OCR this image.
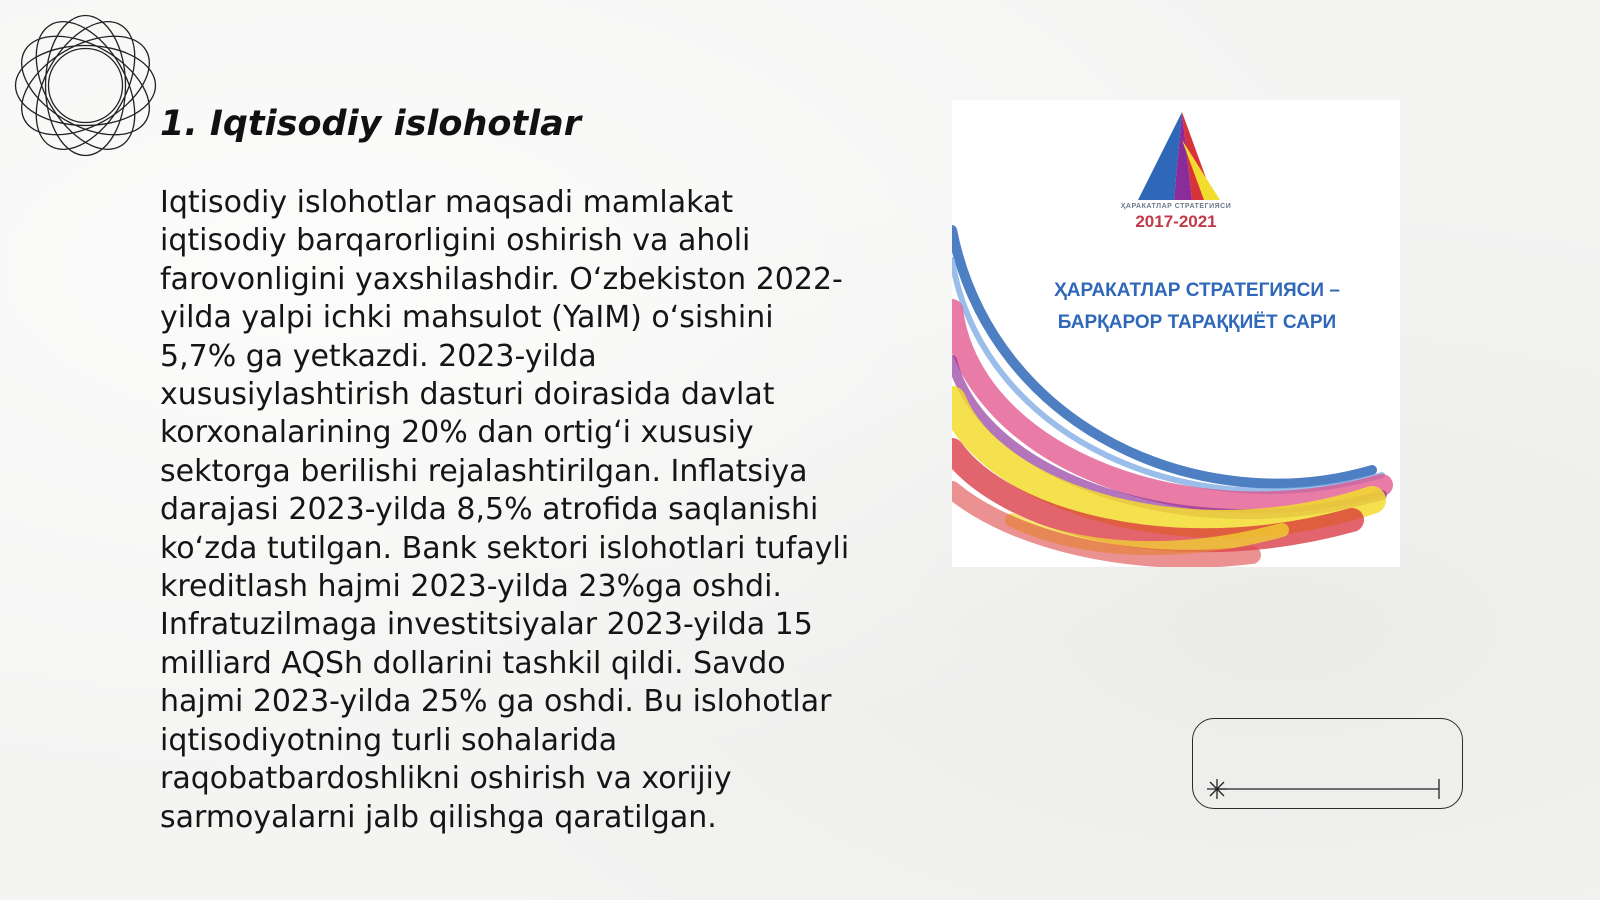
1. Iqtisodiy islohotlar

Iqtisodiy islohotlar maqsadi mamlakat iqtisodiy barqarorligini oshirish va aholi farovonligini yaxshilashdir. O‘zbekiston 2022-yilda yalpi ichki mahsulot (YaIM) o‘sishini 5,7% ga yetkazdi. 2023-yilda xususiylashtirish dasturi doirasida davlat korxonalarining 20% dan ortig‘i xususiy sektorga berilishi rejalashtirilgan. Inflatsiya darajasi 2023-yilda 8,5% atrofida saqlanishi ko‘zda tutilgan. Bank sektori islohotlari tufayli kreditlash hajmi 2023-yilda 23%ga oshdi. Infratuzilmaga investitsiyalar 2023-yilda 15 milliard AQSh dollarini tashkil qildi. Savdo hajmi 2023-yilda 25% ga oshdi. Bu islohotlar iqtisodiyotning turli sohalarida raqobatbardoshlikni oshirish va xorijiy sarmoyalarni jalb qilishga qaratilgan.

ҲАРАКАТЛАР СТРАТЕГИЯСИ
2017-2021
ҲАРАКАТЛАР СТРАТЕГИЯСИ –
БАРҚАРОР ТАРАҚҚИЁТ САРИ
